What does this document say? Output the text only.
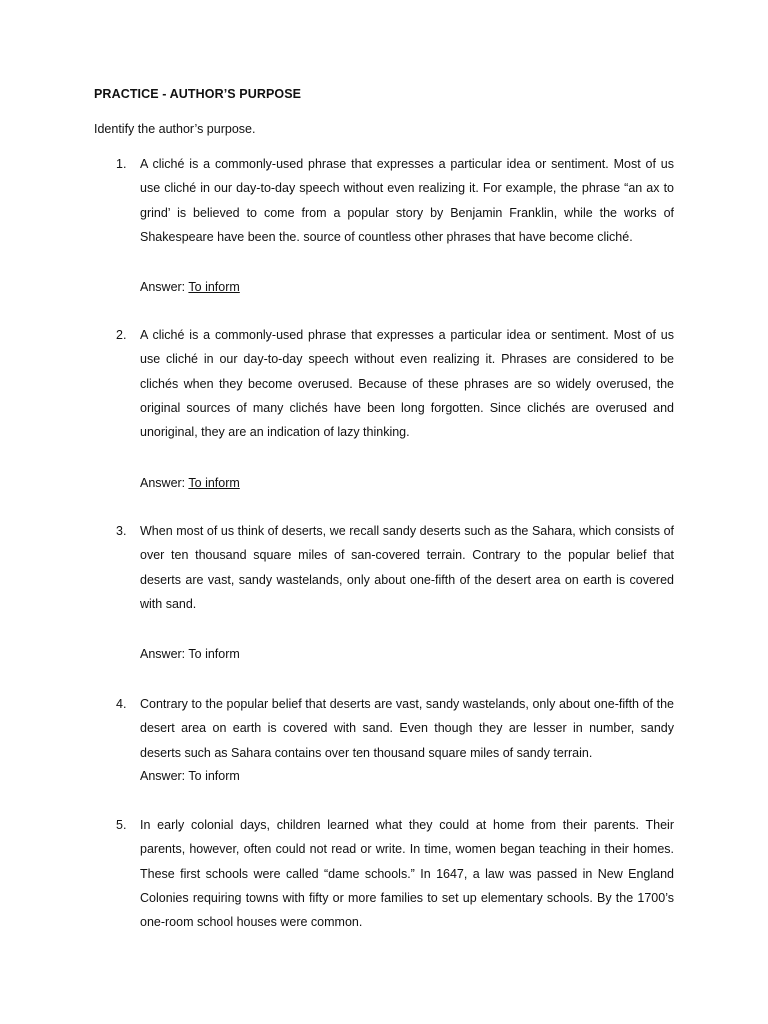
PRACTICE - AUTHOR’S PURPOSE
Identify the author’s purpose.
1. A cliché is a commonly-used phrase that expresses a particular idea or sentiment. Most of us use cliché in our day-to-day speech without even realizing it. For example, the phrase “an ax to grind’ is believed to come from a popular story by Benjamin Franklin, while the works of Shakespeare have been the. source of countless other phrases that have become cliché.

Answer: To inform
2. A cliché is a commonly-used phrase that expresses a particular idea or sentiment. Most of us use cliché in our day-to-day speech without even realizing it. Phrases are considered to be clichés when they become overused. Because of these phrases are so widely overused, the original sources of many clichés have been long forgotten. Since clichés are overused and unoriginal, they are an indication of lazy thinking.

Answer: To inform
3. When most of us think of deserts, we recall sandy deserts such as the Sahara, which consists of over ten thousand square miles of san-covered terrain. Contrary to the popular belief that deserts are vast, sandy wastelands, only about one-fifth of the desert area on earth is covered with sand.

Answer: To inform
4. Contrary to the popular belief that deserts are vast, sandy wastelands, only about one-fifth of the desert area on earth is covered with sand. Even though they are lesser in number, sandy deserts such as Sahara contains over ten thousand square miles of sandy terrain.

Answer: To inform
5. In early colonial days, children learned what they could at home from their parents. Their parents, however, often could not read or write. In time, women began teaching in their homes. These first schools were called “dame schools.” In 1647, a law was passed in New England Colonies requiring towns with fifty or more families to set up elementary schools. By the 1700’s one-room school houses were common.
